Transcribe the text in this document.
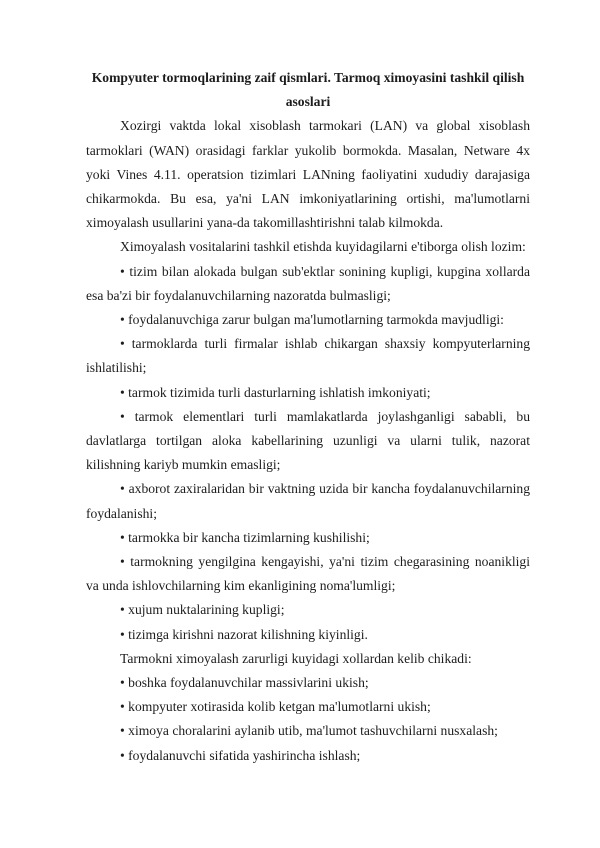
Kompyuter tormoqlarining zaif qismlari. Tarmoq ximoyasini tashkil qilish
asoslari

Xozirgi vaktda lokal xisoblash tarmokari (LAN) va global xisoblash tarmoklari (WAN) orasidagi farklar yukolib bormokda. Masalan, Netware 4x yoki Vines 4.11. operatsion tizimlari LANning faoliyatini xududiy darajasiga chikarmokda. Bu esa, ya'ni LAN imkoniyatlarining ortishi, ma'lumotlarni ximoyalash usullarini yana-da takomillashtirishni talab kilmokda.

Ximoyalash vositalarini tashkil etishda kuyidagilarni e'tiborga olish lozim:

• tizim bilan alokada bulgan sub'ektlar sonining kupligi, kupgina xollarda esa ba'zi bir foydalanuvchilarning nazoratda bulmasligi;

• foydalanuvchiga zarur bulgan ma'lumotlarning tarmokda mavjudligi:

• tarmoklarda turli firmalar ishlab chikargan shaxsiy kompyuterlarning ishlatilishi;

• tarmok tizimida turli dasturlarning ishlatish imkoniyati;

• tarmok elementlari turli mamlakatlarda joylashganligi sababli, bu davlatlarga tortilgan aloka kabellarining uzunligi va ularni tulik, nazorat kilishning kariyb mumkin emasligi;

• axborot zaxiralaridan bir vaktning uzida bir kancha foydalanuvchilarning foydalanishi;

• tarmokka bir kancha tizimlarning kushilishi;

• tarmokning yengilgina kengayishi, ya'ni tizim chegarasining noanikligi va unda ishlovchilarning kim ekanligining noma'lumligi;

• xujum nuktalarining kupligi;

• tizimga kirishni nazorat kilishning kiyinligi.

Tarmokni ximoyalash zarurligi kuyidagi xollardan kelib chikadi:

• boshka foydalanuvchilar massivlarini ukish;

• kompyuter xotirasida kolib ketgan ma'lumotlarni ukish;

• ximoya choralarini aylanib utib, ma'lumot tashuvchilarni nusxalash;

• foydalanuvchi sifatida yashirincha ishlash;
